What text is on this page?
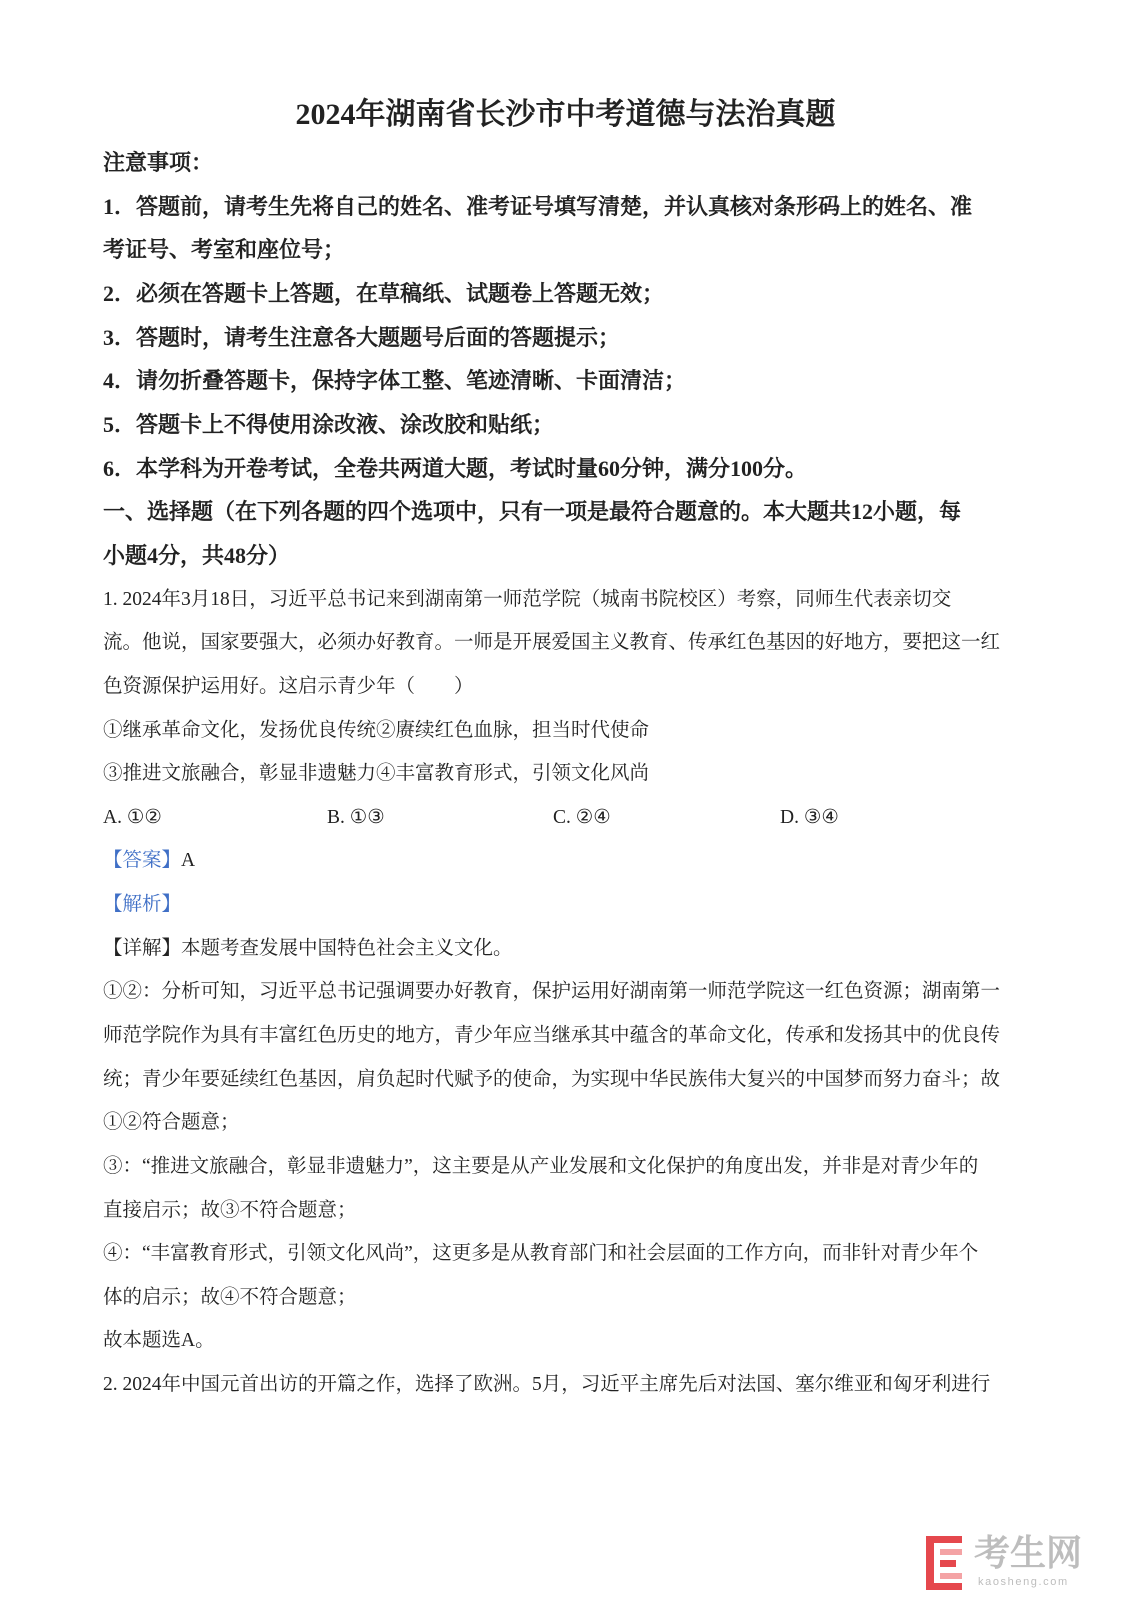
2024年湖南省长沙市中考道德与法治真题
注意事项：
1．答题前，请考生先将自己的姓名、准考证号填写清楚，并认真核对条形码上的姓名、准
考证号、考室和座位号；
2．必须在答题卡上答题，在草稿纸、试题卷上答题无效；
3．答题时，请考生注意各大题题号后面的答题提示；
4．请勿折叠答题卡，保持字体工整、笔迹清晰、卡面清洁；
5．答题卡上不得使用涂改液、涂改胶和贴纸；
6．本学科为开卷考试，全卷共两道大题，考试时量60分钟，满分100分。
一、选择题（在下列各题的四个选项中，只有一项是最符合题意的。本大题共12小题，每
小题4分，共48分）
1. 2024年3月18日，习近平总书记来到湖南第一师范学院（城南书院校区）考察，同师生代表亲切交
流。他说，国家要强大，必须办好教育。一师是开展爱国主义教育、传承红色基因的好地方，要把这一红
色资源保护运用好。这启示青少年（　　）
①继承革命文化，发扬优良传统②赓续红色血脉，担当时代使命
③推进文旅融合，彰显非遗魅力④丰富教育形式，引领文化风尚
A. ①②	B. ①③	C. ②④	D. ③④
【答案】A
【解析】
【详解】本题考查发展中国特色社会主义文化。
①②：分析可知，习近平总书记强调要办好教育，保护运用好湖南第一师范学院这一红色资源；湖南第一
师范学院作为具有丰富红色历史的地方，青少年应当继承其中蕴含的革命文化，传承和发扬其中的优良传
统；青少年要延续红色基因，肩负起时代赋予的使命，为实现中华民族伟大复兴的中国梦而努力奋斗；故
①②符合题意；
③：“推进文旅融合，彰显非遗魅力”，这主要是从产业发展和文化保护的角度出发，并非是对青少年的
直接启示；故③不符合题意；
④：“丰富教育形式，引领文化风尚”，这更多是从教育部门和社会层面的工作方向，而非针对青少年个
体的启示；故④不符合题意；
故本题选A。
2. 2024年中国元首出访的开篇之作，选择了欧洲。5月，习近平主席先后对法国、塞尔维亚和匈牙利进行
考生网
kaosheng.com
